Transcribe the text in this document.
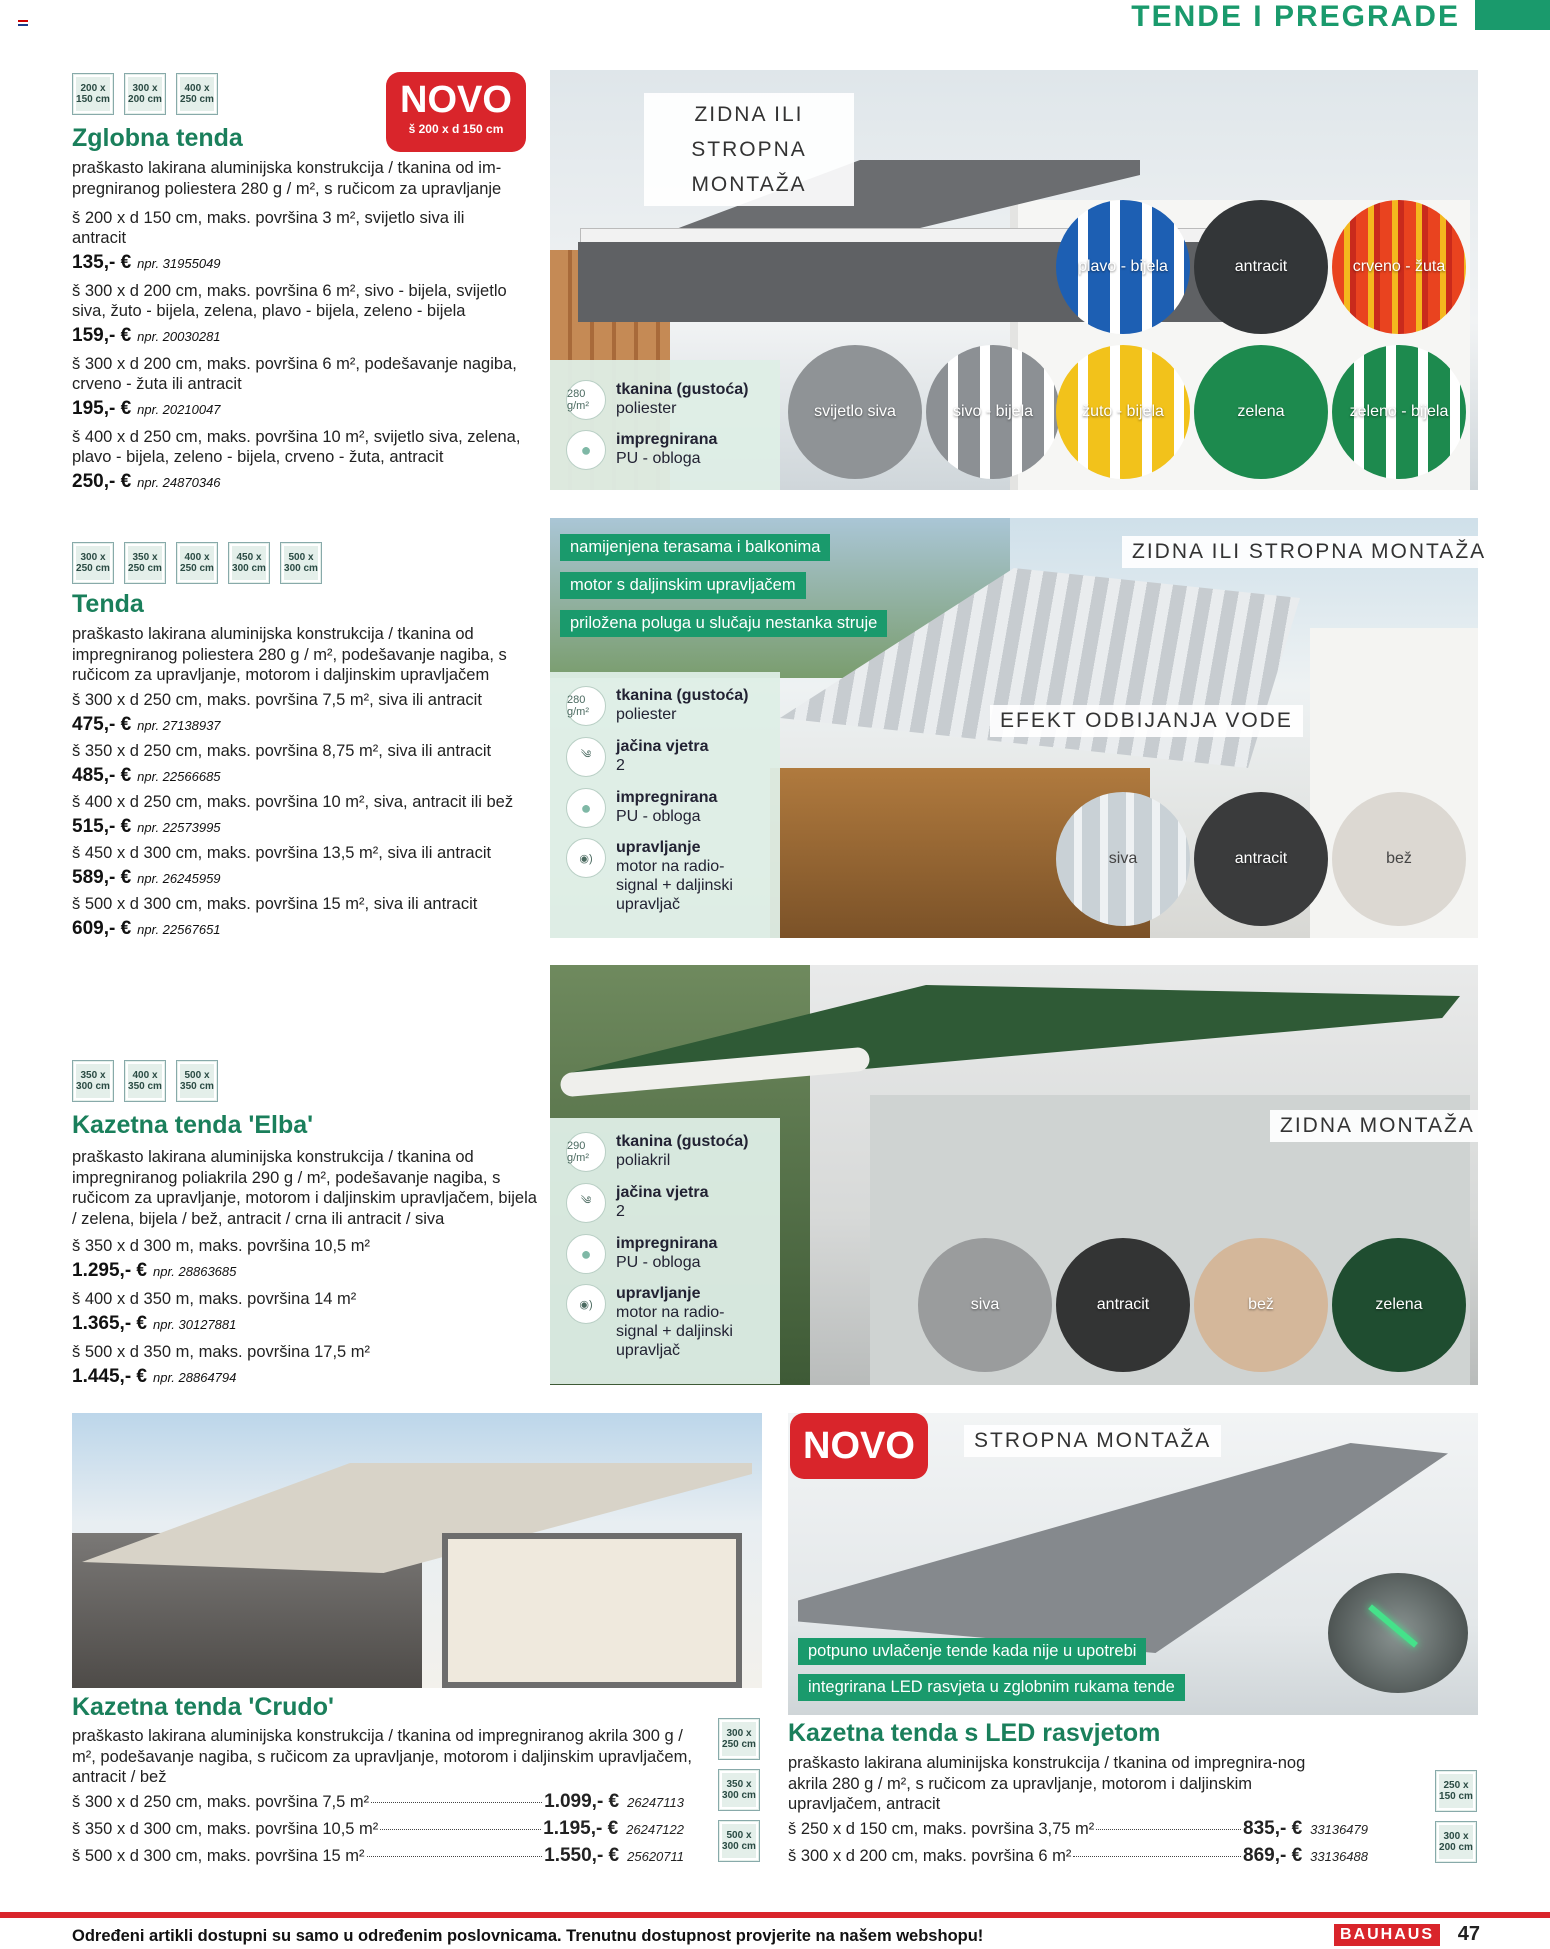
TENDE I PREGRADE
200 x 150 cm
300 x 200 cm
400 x 250 cm	NOVO
š 200 x d 150 cm
Zglobna tenda
praškasto lakirana aluminijska konstrukcija / tkanina od im-pregniranog poliestera 280 g / m², s ručicom za upravljanje
š 200 x d 150 cm, maks. površina 3 m², svijetlo siva ili antracit
135,- € npr. 31955049
š 300 x d 200 cm, maks. površina 6 m², sivo - bijela, svijetlo siva, žuto - bijela, zelena, plavo - bijela, zeleno - bijela
159,- € npr. 20030281
š 300 x d 200 cm, maks. površina 6 m², podešavanje nagiba, crveno - žuta ili antracit
195,- € npr. 20210047
š 400 x d 250 cm, maks. površina 10 m², svijetlo siva, zelena, plavo - bijela, zeleno - bijela, crveno - žuta, antracit
250,- € npr. 24870346
ZIDNA ILI STROPNA MONTAŽA
280 g/m²
tkanina (gustoća)
poliester
●	impregnirana
PU - obloga
plavo - bijela	antracit	crveno - žuta
svijetlo siva	sivo - bijela	žuto - bijela	zelena	zeleno - bijela
300 x 250 cm
350 x 250 cm
400 x 250 cm
450 x 300 cm
500 x 300 cm
Tenda
praškasto lakirana aluminijska konstrukcija / tkanina od impregniranog poliestera 280 g / m², podešavanje nagiba, s ručicom za upravljanje, motorom i daljinskim upravljačem
š 300 x d 250 cm, maks. površina 7,5 m², siva ili antracit
475,- € npr. 27138937
š 350 x d 250 cm, maks. površina 8,75 m², siva ili antracit
485,- € npr. 22566685
š 400 x d 250 cm, maks. površina 10 m², siva, antracit ili bež
515,- € npr. 22573995
š 450 x d 300 cm, maks. površina 13,5 m², siva ili antracit
589,- € npr. 26245959
š 500 x d 300 cm, maks. površina 15 m², siva ili antracit
609,- € npr. 22567651
namijenjena terasama i balkonima
motor s daljinskim upravljačem
priložena poluga u slučaju nestanka struje
ZIDNA ILI STROPNA MONTAŽA
EFEKT ODBIJANJA VODE
280 g/m²
tkanina (gustoća)
poliester
༄	jačina vjetra
2
●	impregnirana
PU - obloga
◉)
upravljanje
motor na radio-signal + daljinski upravljač
siva	antracit	bež
350 x 300 cm
400 x 350 cm
500 x 350 cm
Kazetna tenda 'Elba'
praškasto lakirana aluminijska konstrukcija / tkanina od impregniranog poliakrila 290 g / m², podešavanje nagiba, s ručicom za upravljanje, motorom i daljinskim upravljačem, bijela / zelena, bijela / bež, antracit / crna ili antracit / siva
š 350 x d 300 m, maks. površina 10,5 m²
1.295,- € npr. 28863685
š 400 x d 350 m, maks. površina 14 m²
1.365,- € npr. 30127881
š 500 x d 350 m, maks. površina 17,5 m²
1.445,- € npr. 28864794
ZIDNA MONTAŽA
290 g/m²
tkanina (gustoća)
poliakril
༄	jačina vjetra
2
●	impregnirana
PU - obloga
◉)
upravljanje
motor na radio-signal + daljinski upravljač
siva	antracit	bež	zelena
Kazetna tenda 'Crudo'
praškasto lakirana aluminijska konstrukcija / tkanina od impregniranog akrila 300 g / m², podešavanje nagiba, s ručicom za upravljanje, motorom i daljinskim upravljačem, antracit / bež
š 300 x d 250 cm, maks. površina 7,5 m²	1.099,- € 26247113
š 350 x d 300 cm, maks. površina 10,5 m²	1.195,- € 26247122
š 500 x d 300 cm, maks. površina 15 m²	1.550,- € 25620711
300 x 250 cm
350 x 300 cm
500 x 300 cm
NOVO	STROPNA MONTAŽA
potpuno uvlačenje tende kada nije u upotrebi
integrirana LED rasvjeta u zglobnim rukama tende
Kazetna tenda s LED rasvjetom
praškasto lakirana aluminijska konstrukcija / tkanina od impregnira-nog akrila 280 g / m², s ručicom za upravljanje, motorom i daljinskim upravljačem, antracit
š 250 x d 150 cm, maks. površina 3,75 m²	835,- € 33136479
š 300 x d 200 cm, maks. površina 6 m²	869,- € 33136488
250 x 150 cm
300 x 200 cm
Određeni artikli dostupni su samo u određenim poslovnicama. Trenutnu dostupnost provjerite na našem webshopu!	BAUHAUS	47
